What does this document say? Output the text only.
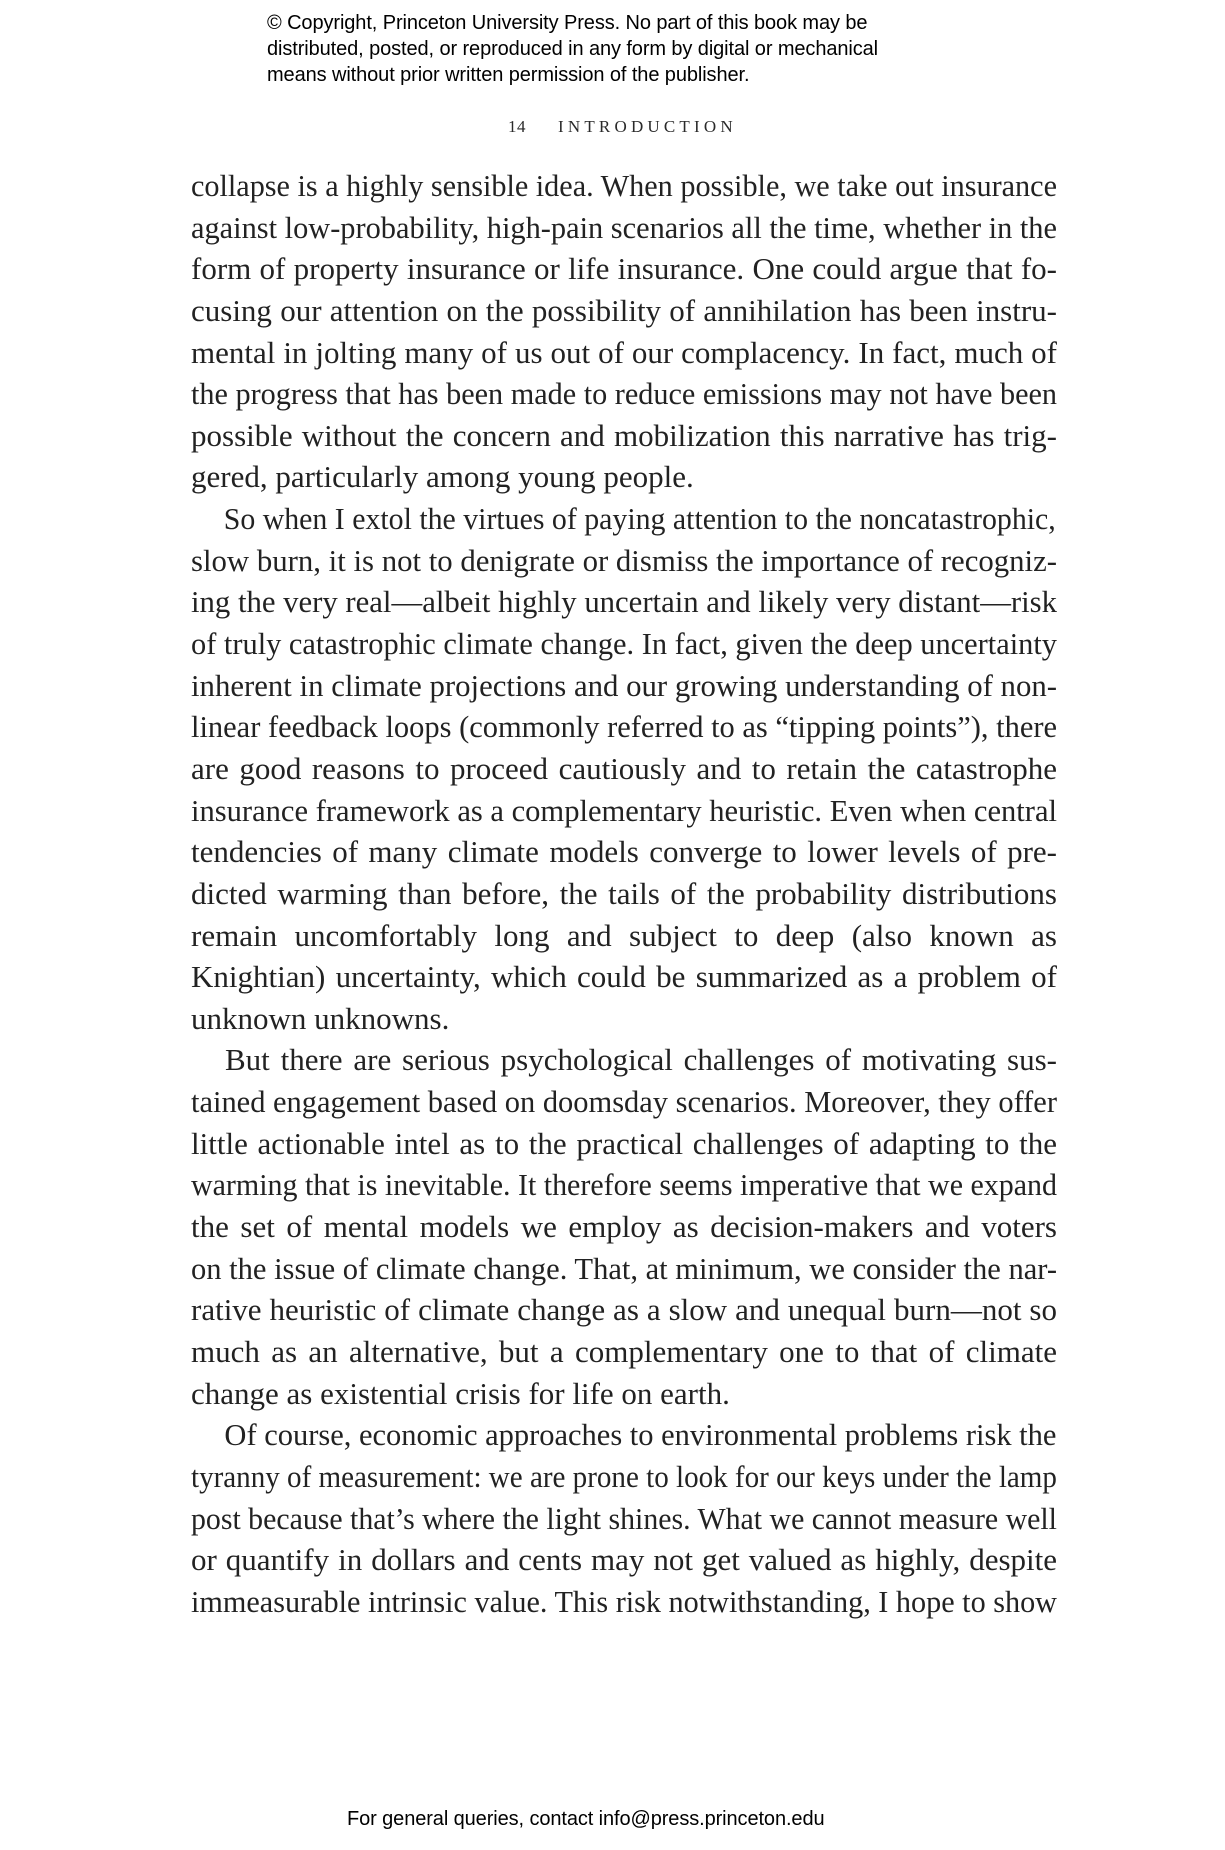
© Copyright, Princeton University Press. No part of this book may be
distributed, posted, or reproduced in any form by digital or mechanical
means without prior written permission of the publisher.
14 INTRODUCTION
collapse is a highly sensible idea. When possible, we take out insurance
against low-probability, high-pain scenarios all the time, whether in the
form of property insurance or life insurance. One could argue that fo-
cusing our attention on the possibility of annihilation has been instru-
mental in jolting many of us out of our complacency. In fact, much of
the progress that has been made to reduce emissions may not have been
possible without the concern and mobilization this narrative has trig-
gered, particularly among young people.
So when I extol the virtues of paying attention to the noncatastrophic,
slow burn, it is not to denigrate or dismiss the importance of recogniz-
ing the very real—albeit highly uncertain and likely very distant—risk
of truly catastrophic climate change. In fact, given the deep uncertainty
inherent in climate projections and our growing understanding of non-
linear feedback loops (commonly referred to as “tipping points”), there
are good reasons to proceed cautiously and to retain the catastrophe
insurance framework as a complementary heuristic. Even when central
tendencies of many climate models converge to lower levels of pre-
dicted warming than before, the tails of the probability distributions
remain uncomfortably long and subject to deep (also known as
Knightian) uncertainty, which could be summarized as a problem of
unknown unknowns.
But there are serious psychological challenges of motivating sus-
tained engagement based on doomsday scenarios. Moreover, they offer
little actionable intel as to the practical challenges of adapting to the
warming that is inevitable. It therefore seems imperative that we expand
the set of mental models we employ as decision-makers and voters
on the issue of climate change. That, at minimum, we consider the nar-
rative heuristic of climate change as a slow and unequal burn—not so
much as an alternative, but a complementary one to that of climate
change as existential crisis for life on earth.
Of course, economic approaches to environmental problems risk the
tyranny of measurement: we are prone to look for our keys under the lamp
post because that’s where the light shines. What we cannot measure well
or quantify in dollars and cents may not get valued as highly, despite
immeasurable intrinsic value. This risk notwithstanding, I hope to show
For general queries, contact info@press.princeton.edu
